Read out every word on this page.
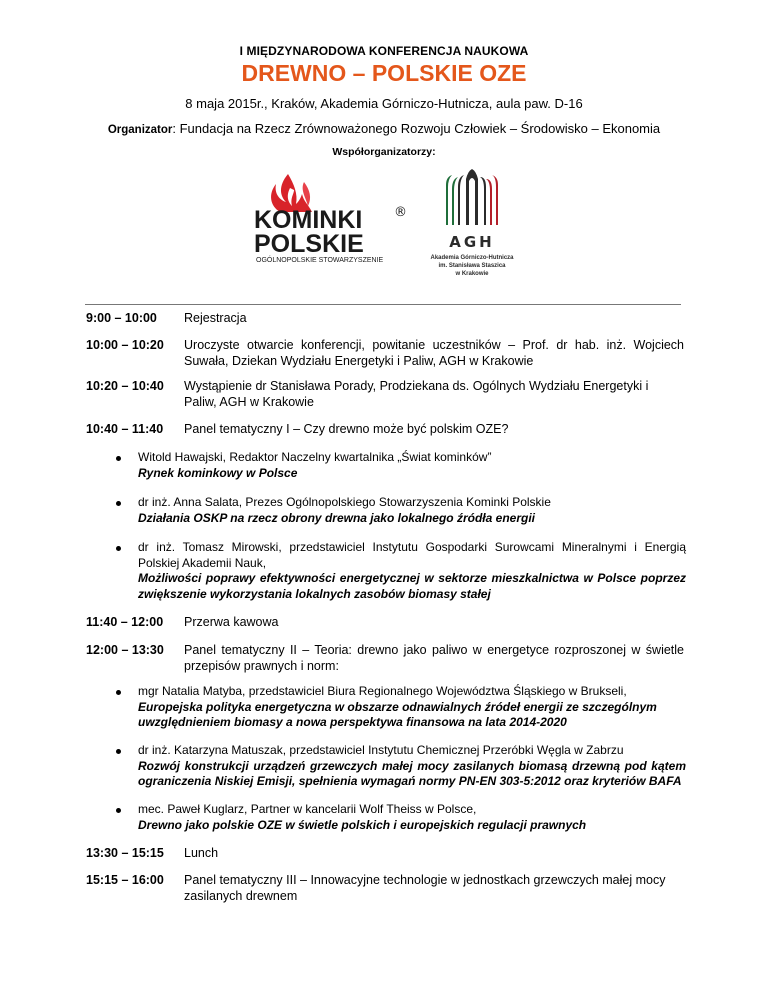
I MIĘDZYNARODOWA KONFERENCJA NAUKOWA
DREWNO – POLSKIE OZE
8 maja 2015r., Kraków, Akademia Górniczo-Hutnicza, aula paw. D-16
Organizator: Fundacja na Rzecz Zrównoważonego Rozwoju Człowiek – Środowisko – Ekonomia
Współorganizatorzy:
KOMINKI
POLSKIE
®
OGÓLNOPOLSKIE STOWARZYSZENIE
AGH
Akademia Górniczo-Hutnicza
im. Stanisława Staszica
w Krakowie
9:00 – 10:00	Rejestracja
10:00 – 10:20	Uroczyste otwarcie konferencji, powitanie uczestników – Prof. dr hab. inż. Wojciech Suwała, Dziekan Wydziału Energetyki i Paliw, AGH w Krakowie
10:20 – 10:40	Wystąpienie dr Stanisława Porady, Prodziekana ds. Ogólnych Wydziału Energetyki i Paliw, AGH w Krakowie
10:40 – 11:40	Panel tematyczny I – Czy drewno może być polskim OZE?
Witold Hawajski, Redaktor Naczelny kwartalnika „Świat kominków”
Rynek kominkowy w Polsce
dr inż. Anna Salata, Prezes Ogólnopolskiego Stowarzyszenia Kominki Polskie
Działania OSKP na rzecz obrony drewna jako lokalnego źródła energii
dr inż. Tomasz Mirowski, przedstawiciel Instytutu Gospodarki Surowcami Mineralnymi i Energią Polskiej Akademii Nauk,
Możliwości poprawy efektywności energetycznej w sektorze mieszkalnictwa w Polsce poprzez zwiększenie wykorzystania lokalnych zasobów biomasy stałej
11:40 – 12:00	Przerwa kawowa
12:00 – 13:30	Panel tematyczny II – Teoria: drewno jako paliwo w energetyce rozproszonej w świetle przepisów prawnych i norm:
mgr Natalia Matyba, przedstawiciel Biura Regionalnego Województwa Śląskiego w Brukseli,
Europejska polityka energetyczna w obszarze odnawialnych źródeł energii ze szczególnym uwzględnieniem biomasy a nowa perspektywa finansowa na lata 2014-2020
dr inż. Katarzyna Matuszak, przedstawiciel Instytutu Chemicznej Przeróbki Węgla w Zabrzu
Rozwój konstrukcji urządzeń grzewczych małej mocy zasilanych biomasą drzewną pod kątem ograniczenia Niskiej Emisji, spełnienia wymagań normy PN-EN 303-5:2012 oraz kryteriów BAFA
mec. Paweł Kuglarz, Partner w kancelarii Wolf Theiss w Polsce,
Drewno jako polskie OZE w świetle polskich i europejskich regulacji prawnych
13:30 – 15:15	Lunch
15:15 – 16:00	Panel tematyczny III – Innowacyjne technologie w jednostkach grzewczych małej mocy zasilanych drewnem
